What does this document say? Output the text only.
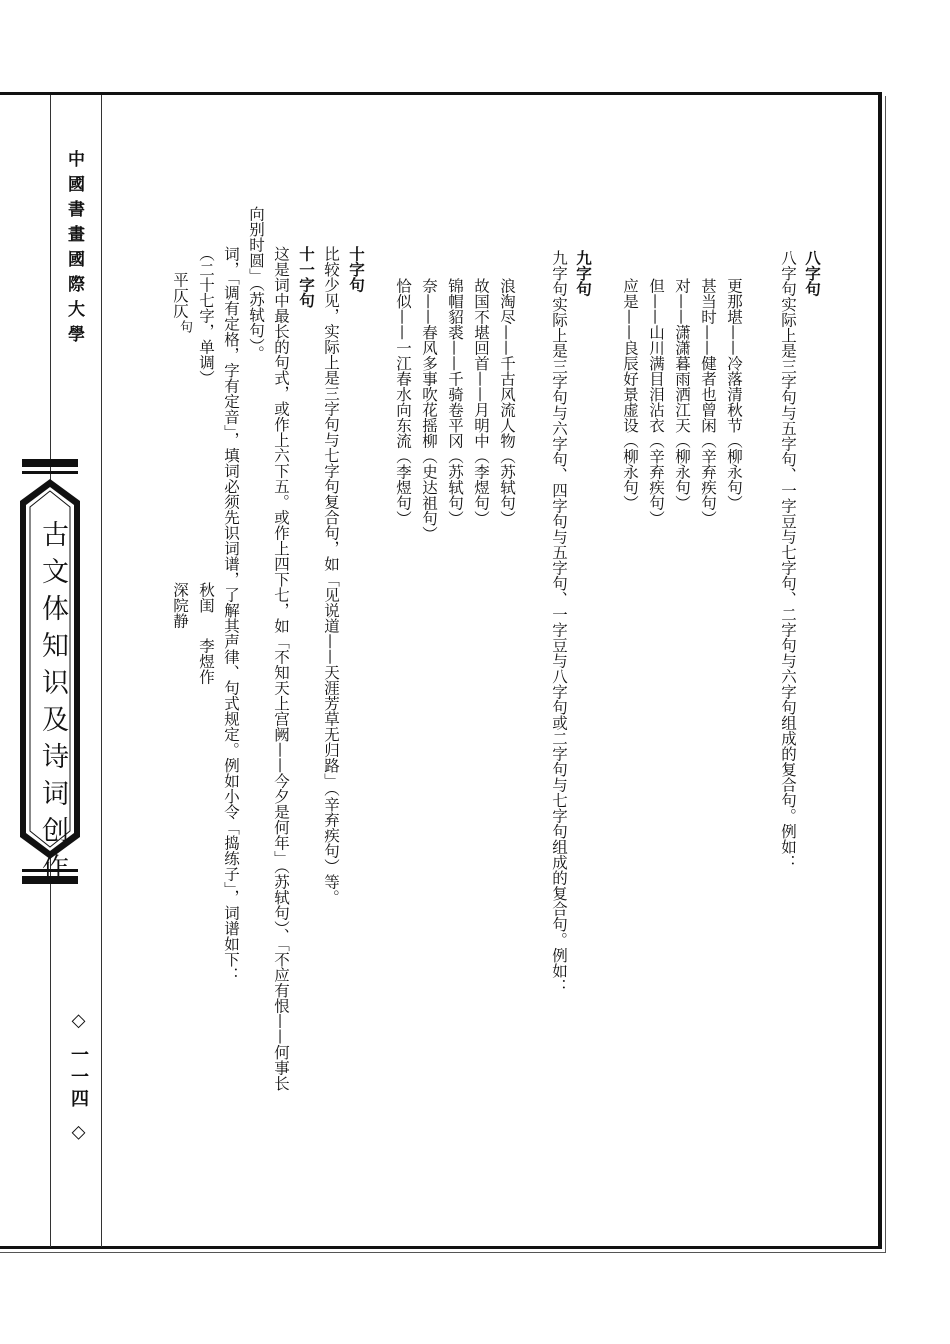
中國書畫國際大學
古文体知识及诗词创作
◇ 一一四 ◇
八字句
八字句实际上是三字句与五字句、一字豆与七字句、二字句与六字句组成的复合句。例如：
更那堪——冷落清秋节（柳永句）
甚当时——健者也曾闲（辛弃疾句）
对——潇潇暮雨洒江天（柳永句）
但——山川满目泪沾衣（辛弃疾句）
应是——良辰好景虚设（柳永句）
九字句
九字句实际上是三字句与六字句、四字句与五字句、一字豆与八字句或二字句与七字句组成的复合句。例如：
浪淘尽——千古风流人物（苏轼句）
故国不堪回首——月明中（李煜句）
锦帽貂裘——千骑卷平冈（苏轼句）
奈——春风多事吹花摇柳（史达祖句）
恰似——一江春水向东流（李煜句）
十字句
比较少见，实际上是三字句与七字句复合句，如「见说道——天涯芳草无归路」（辛弃疾句）等。
十一字句
这是词中最长的句式，或作上六下五。或作上四下七，如「不知天上宫阙——今夕是何年」（苏轼句）、「不应有恨——何事长
向别时圆」（苏轼句）。
词，「调有定格，字有定音」，填词必须先识词谱，了解其声律、句式规定。例如小令「捣练子」，词谱如下：
（二十七字，单调）
秋闺
李煜作
平仄仄
句
深院静
